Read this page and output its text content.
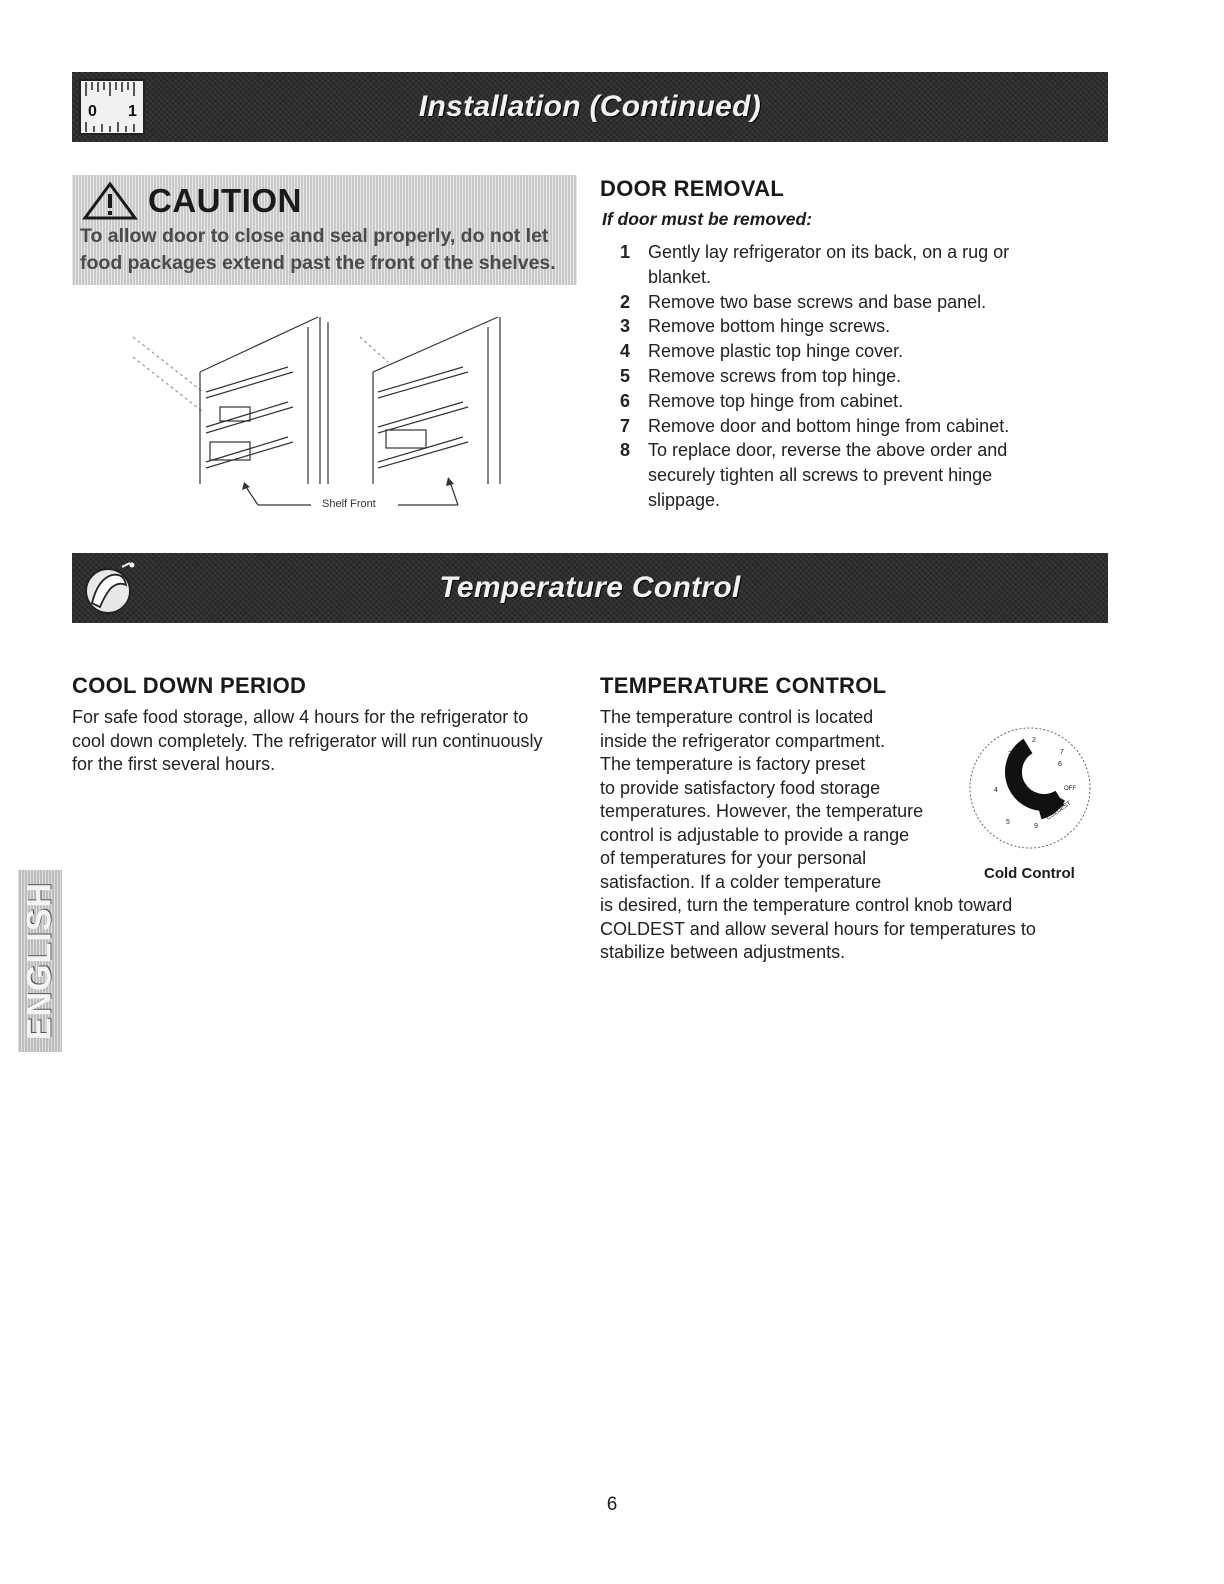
0 1	Installation (Continued)
CAUTION
To allow door to close and seal properly, do not let food packages extend past the front of the shelves.
Shelf Front
DOOR REMOVAL
If door must be removed:
1 Gently lay refrigerator on its back, on a rug or blanket.
2 Remove two base screws and base panel.
3 Remove bottom hinge screws.
4 Remove plastic top hinge cover.
5 Remove screws from top hinge.
6 Remove top hinge from cabinet.
7 Remove door and bottom hinge from cabinet.
8 To replace door, reverse the above order and securely tighten all screws to prevent hinge slippage.
Temperature Control
COOL DOWN PERIOD
For safe food storage, allow 4 hours for the refrigerator to cool down completely. The refrigerator will run continuously for the first several hours.
TEMPERATURE CONTROL
The temperature control is located
inside the refrigerator compartment.
The temperature is factory preset
to provide satisfactory food storage
temperatures. However, the temperature
control is adjustable to provide a range
of temperatures for your personal
satisfaction. If a colder temperature
is desired, turn the temperature control knob toward
COLDEST and allow several hours for temperatures to
stabilize between adjustments.
2
3
4
5
6
7
9
OFF
COLDEST
Cold Control
ENGLISH
6
